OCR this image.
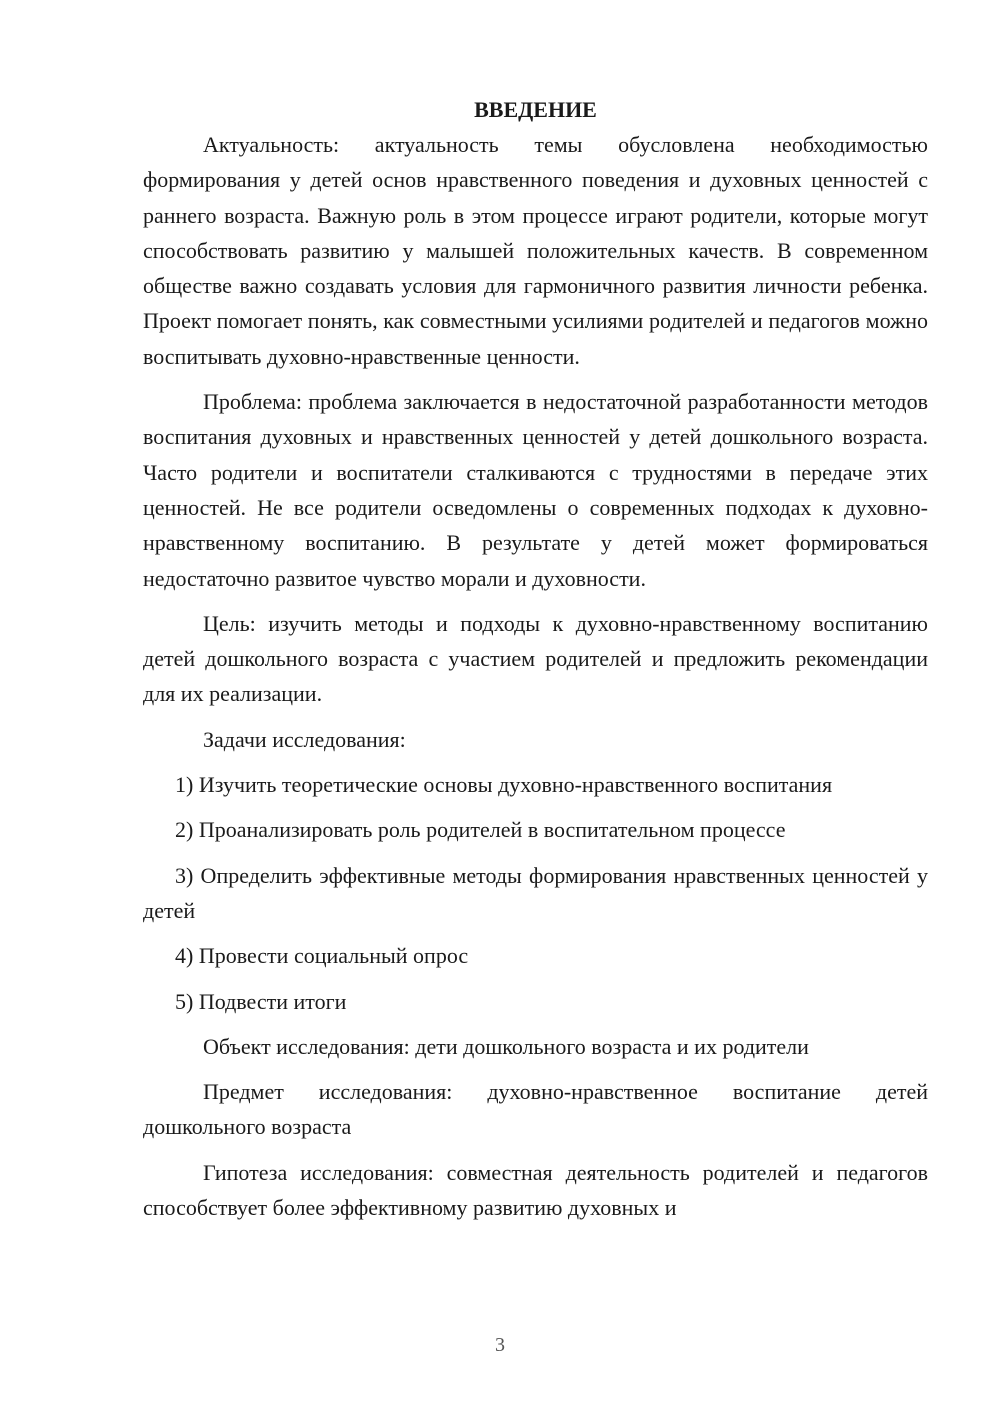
ВВЕДЕНИЕ

Актуальность: актуальность темы обусловлена необходимостью формирования у детей основ нравственного поведения и духовных ценностей с раннего возраста. Важную роль в этом процессе играют родители, которые могут способствовать развитию у малышей положительных качеств. В современном обществе важно создавать условия для гармоничного развития личности ребенка. Проект помогает понять, как совместными усилиями родителей и педагогов можно воспитывать духовно-нравственные ценности.

Проблема: проблема заключается в недостаточной разработанности методов воспитания духовных и нравственных ценностей у детей дошкольного возраста. Часто родители и воспитатели сталкиваются с трудностями в передаче этих ценностей. Не все родители осведомлены о современных подходах к духовно-нравственному воспитанию. В результате у детей может формироваться недостаточно развитое чувство морали и духовности.

Цель: изучить методы и подходы к духовно-нравственному воспитанию детей дошкольного возраста с участием родителей и предложить рекомендации для их реализации.

Задачи исследования:

1) Изучить теоретические основы духовно-нравственного воспитания

2) Проанализировать роль родителей в воспитательном процессе

3) Определить эффективные методы формирования нравственных ценностей у детей

4) Провести социальный опрос

5) Подвести итоги

Объект исследования: дети дошкольного возраста и их родители

Предмет исследования: духовно-нравственное воспитание детей дошкольного возраста

Гипотеза исследования: совместная деятельность родителей и педагогов способствует более эффективному развитию духовных и

3
